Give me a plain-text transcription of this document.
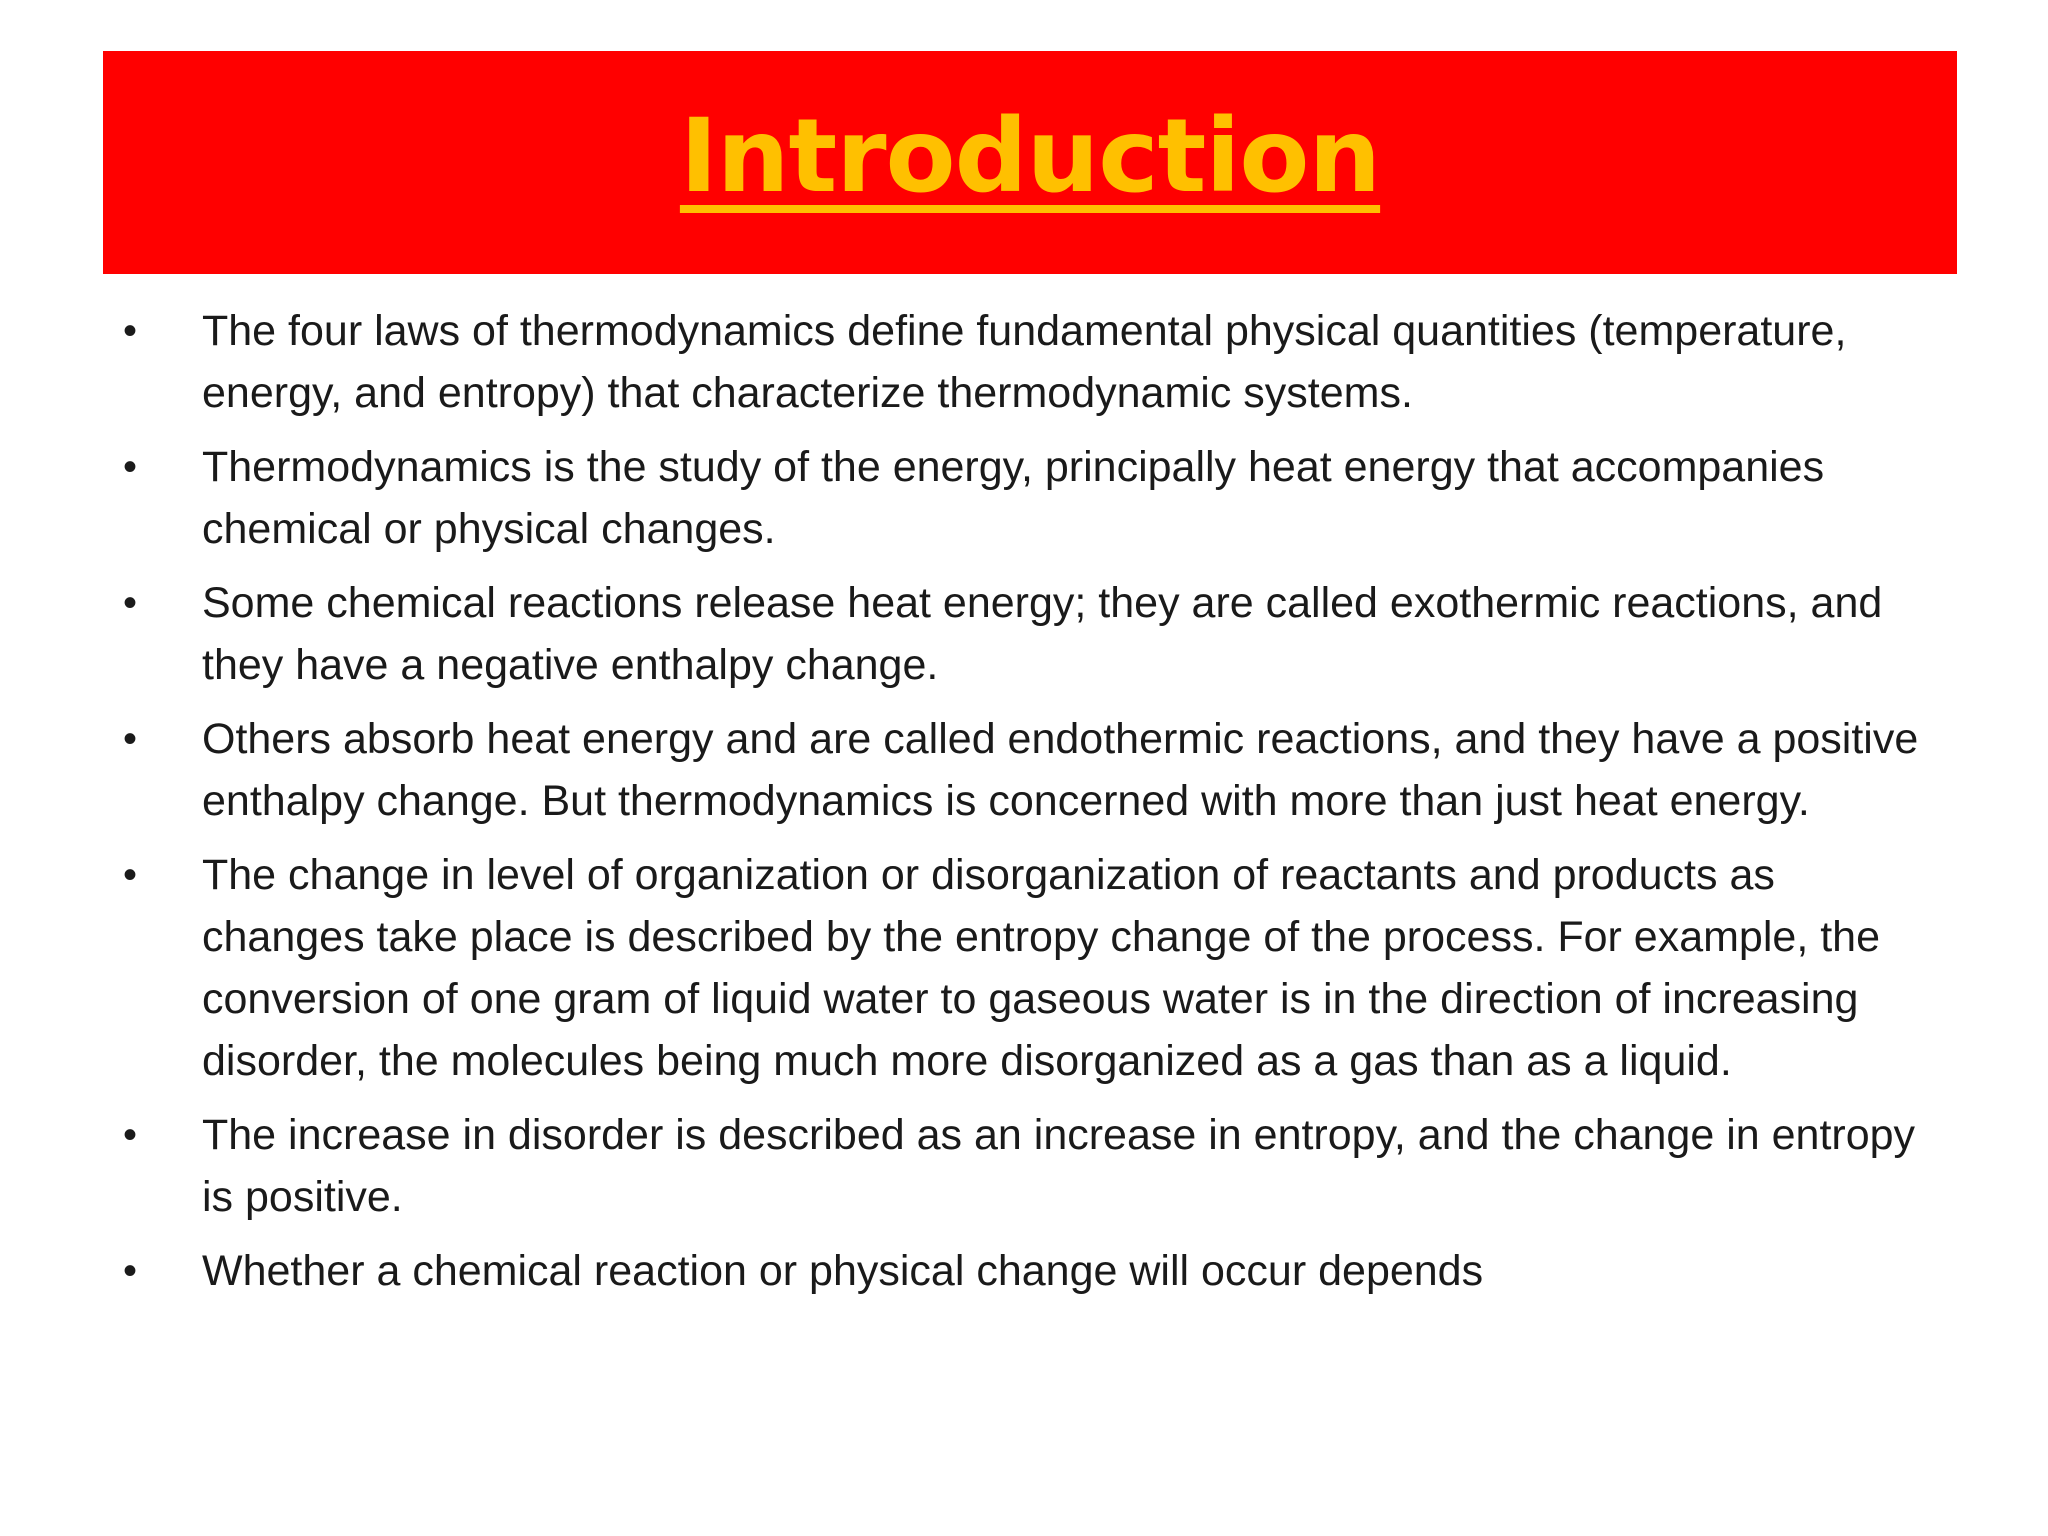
Introduction
•	The four laws of thermodynamics define fundamental physical quantities (temperature, energy, and entropy) that characterize thermodynamic systems.
•	Thermodynamics is the study of the energy, principally heat energy that accompanies chemical or physical changes.
•	Some chemical reactions release heat energy; they are called exothermic reactions, and they have a negative enthalpy change.
•	Others absorb heat energy and are called endothermic reactions, and they have a positive enthalpy change. But thermodynamics is concerned with more than just heat energy.
•	The change in level of organization or disorganization of reactants and products as changes take place is described by the entropy change of the process. For example, the conversion of one gram of liquid water to gaseous water is in the direction of increasing disorder, the molecules being much more disorganized as a gas than as a liquid.
•	The increase in disorder is described as an increase in entropy, and the change in entropy is positive.
•	Whether a chemical reaction or physical change will occur depends
